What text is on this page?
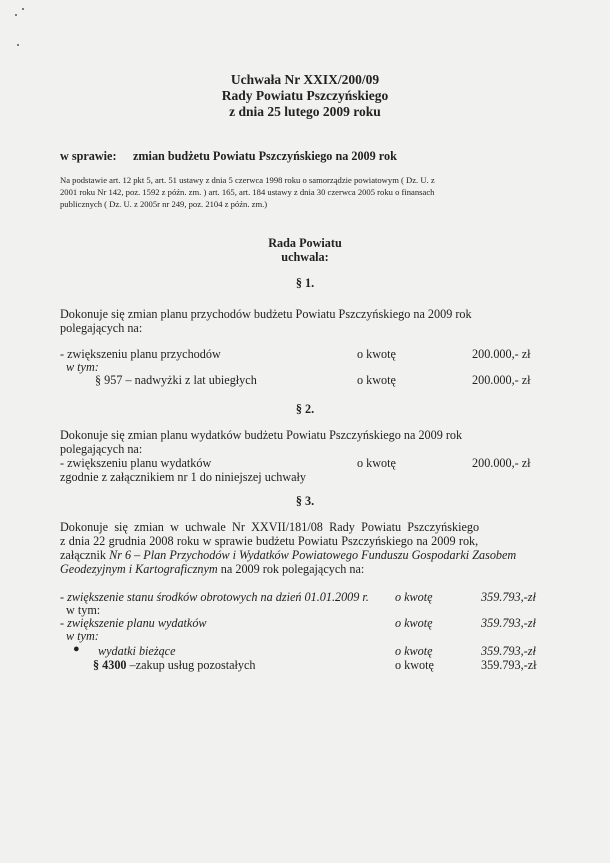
Uchwała Nr XXIX/200/09
Rady Powiatu Pszczyńskiego
z dnia 25 lutego 2009 roku
w sprawie: zmian budżetu Powiatu Pszczyńskiego na 2009 rok
Na podstawie art. 12 pkt 5, art. 51 ustawy z dnia 5 czerwca 1998 roku o samorządzie powiatowym ( Dz. U. z
2001 roku Nr 142, poz. 1592 z późn. zm. ) art. 165, art. 184 ustawy z dnia 30 czerwca 2005 roku o finansach
publicznych ( Dz. U. z 2005r nr 249, poz. 2104 z późn. zm.)
Rada Powiatu
uchwala:
§ 1.
Dokonuje się zmian planu przychodów budżetu Powiatu Pszczyńskiego na 2009 rok
polegających na:
- zwiększeniu planu przychodów	o kwotę	200.000,- zł
w tym:
§ 957 – nadwyżki z lat ubiegłych	o kwotę	200.000,- zł
§ 2.
Dokonuje się zmian planu wydatków budżetu Powiatu Pszczyńskiego na 2009 rok
polegających na:
- zwiększeniu planu wydatków	o kwotę	200.000,- zł
zgodnie z załącznikiem nr 1 do niniejszej uchwały
§ 3.
Dokonuje się zmian w uchwale Nr XXVII/181/08 Rady Powiatu Pszczyńskiego
z dnia 22 grudnia 2008 roku w sprawie budżetu Powiatu Pszczyńskiego na 2009 rok,
załącznik Nr 6 – Plan Przychodów i Wydatków Powiatowego Funduszu Gospodarki Zasobem
Geodezyjnym i Kartograficznym na 2009 rok polegających na:
- zwiększenie stanu środków obrotowych na dzień 01.01.2009 r. o kwotę	359.793,-zł
w tym:
- zwiększenie planu wydatków	o kwotę	359.793,-zł
w tym:
● wydatki bieżące	o kwotę	359.793,-zł
§ 4300 –zakup usług pozostałych	o kwotę	359.793,-zł
